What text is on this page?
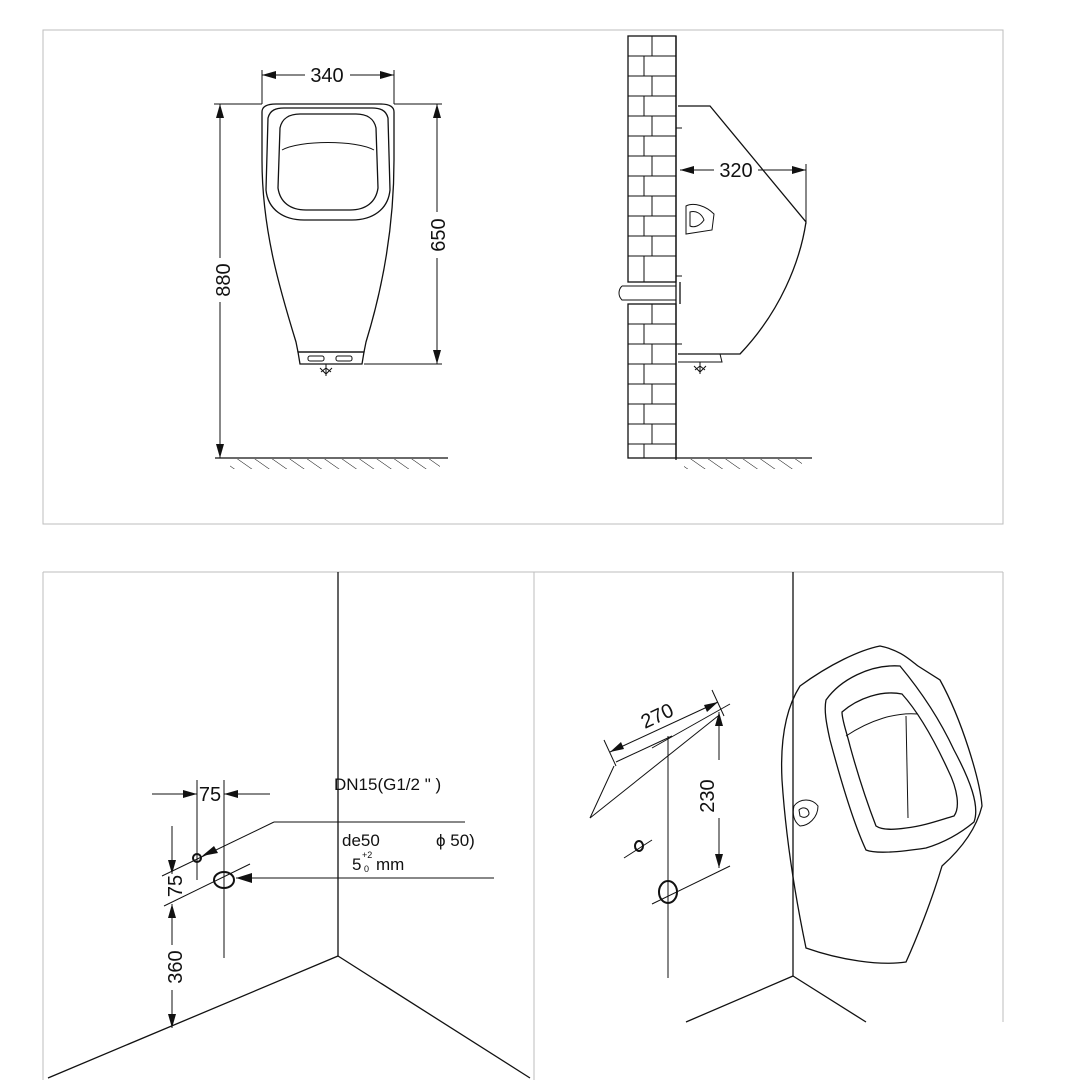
340
880
650
320
75
75
360
DN15(G1/2 " )
de50	ϕ 50)
5 +2
0 mm
270
230
